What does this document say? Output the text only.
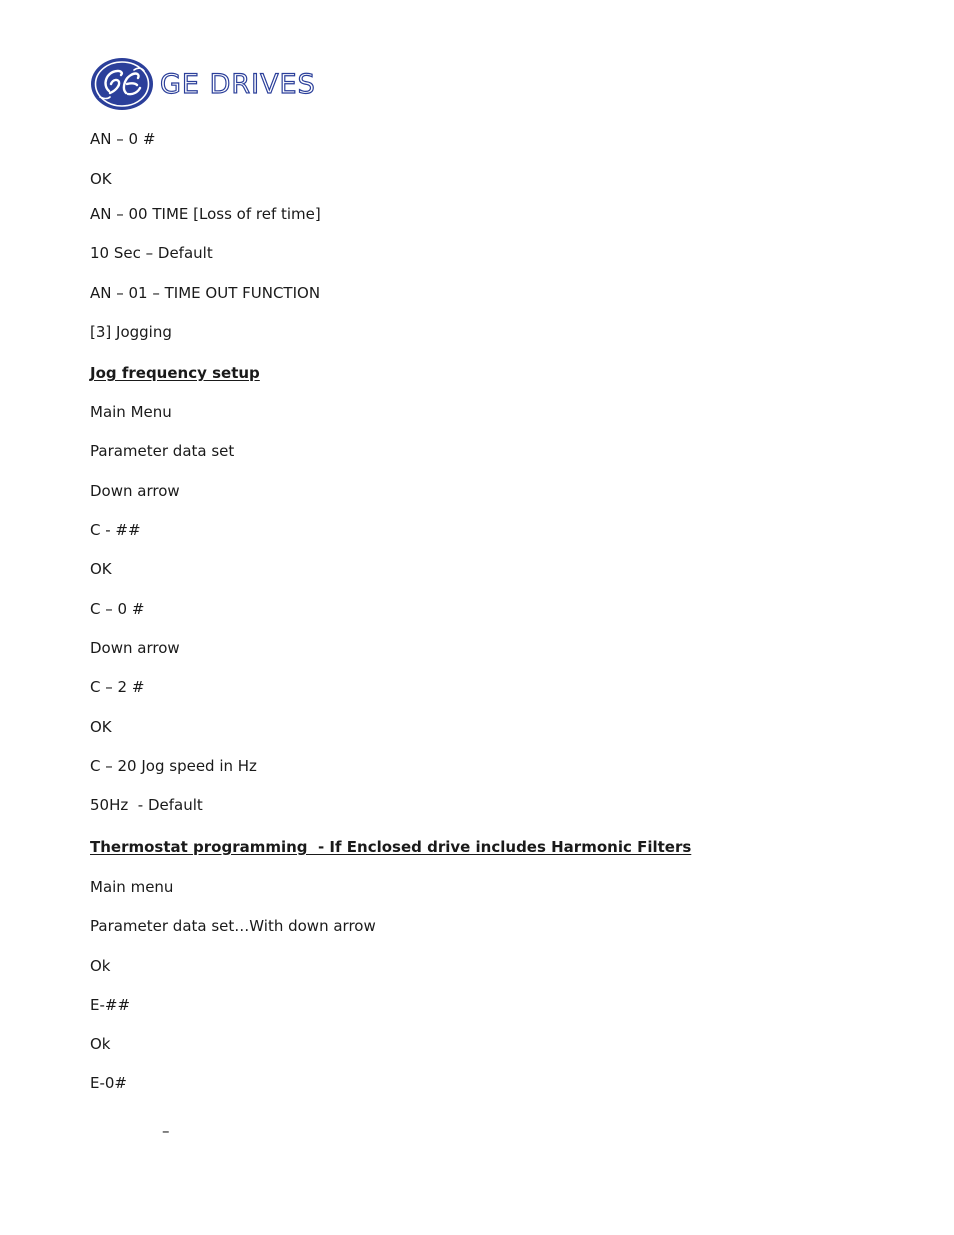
GE DRIVES
AN – 0 #
OK
AN – 00 TIME [Loss of ref time]
10 Sec – Default
AN – 01 – TIME OUT FUNCTION
[3] Jogging
Jog frequency setup
Main Menu
Parameter data set
Down arrow
C - ##
OK
C – 0 #
Down arrow
C – 2 #
OK
C – 20 Jog speed in Hz
50Hz  - Default
Thermostat programming  - If Enclosed drive includes Harmonic Filters
Main menu
Parameter data set…With down arrow
Ok
E-##
Ok
E-0#
–
